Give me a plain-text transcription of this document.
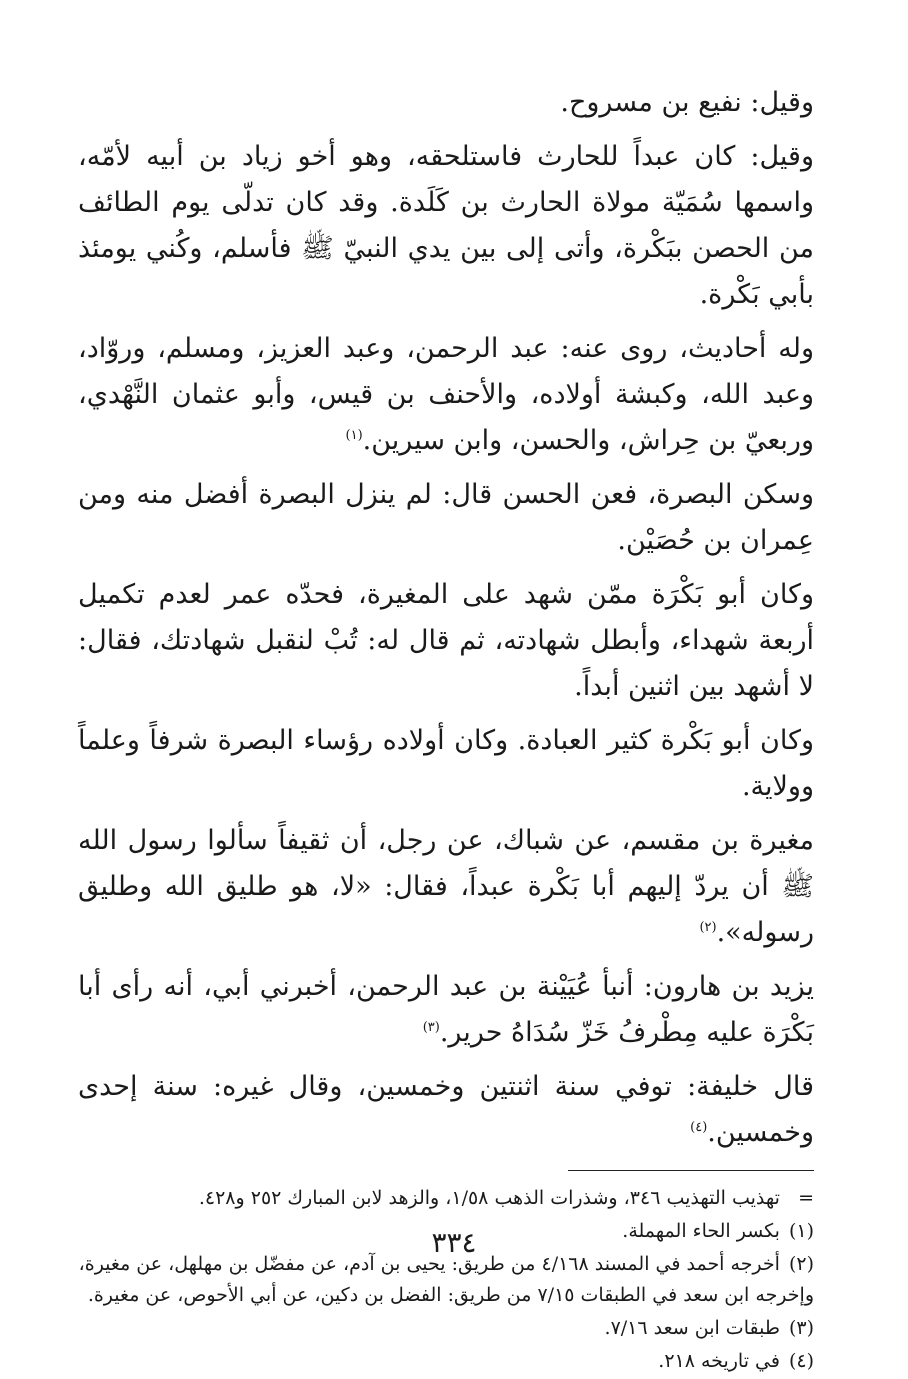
وقيل: نفيع بن مسروح.

وقيل: كان عبداً للحارث فاستلحقه، وهو أخو زياد بن أبيه لأمّه، واسمها سُمَيّة مولاة الحارث بن كَلَدة. وقد كان تدلّى يوم الطائف من الحصن ببَكْرة، وأتى إلى بين يدي النبيّ ﷺ فأسلم، وكُني يومئذ بأبي بَكْرة.

وله أحاديث، روى عنه: عبد الرحمن، وعبد العزيز، ومسلم، وروّاد، وعبد الله، وكبشة أولاده، والأحنف بن قيس، وأبو عثمان النَّهْدي، وربعيّ بن حِراش، والحسن، وابن سيرين.$^{(١)}$

وسكن البصرة، فعن الحسن قال: لم ينزل البصرة أفضل منه ومن عِمران بن حُصَيْن.

وكان أبو بَكْرَة ممّن شهد على المغيرة، فحدّه عمر لعدم تكميل أربعة شهداء، وأبطل شهادته، ثم قال له: تُبْ لنقبل شهادتك، فقال: لا أشهد بين اثنين أبداً.

وكان أبو بَكْرة كثير العبادة. وكان أولاده رؤساء البصرة شرفاً وعلماً وولاية.

مغيرة بن مقسم، عن شباك، عن رجل، أن ثقيفاً سألوا رسول الله ﷺ أن يردّ إليهم أبا بَكْرة عبداً، فقال: «لا، هو طليق الله وطليق رسوله».$^{(٢)}$

يزيد بن هارون: أنبأ عُيَيْنة بن عبد الرحمن، أخبرني أبي، أنه رأى أبا بَكْرَة عليه مِطْرفُ خَزّ سُدَاهُ حرير.$^{(٣)}$

قال خليفة: توفي سنة اثنتين وخمسين، وقال غيره: سنة إحدى وخمسين.$^{(٤)}$

= تهذيب التهذيب ٣٤٦، وشذرات الذهب ١/٥٨، والزهد لابن المبارك ٢٥٢ و٤٢٨.

(١) بكسر الحاء المهملة.

(٢) أخرجه أحمد في المسند ٤/١٦٨ من طريق: يحيى بن آدم، عن مفضّل بن مهلهل، عن مغيرة، وإخرجه ابن سعد في الطبقات ٧/١٥ من طريق: الفضل بن دكين، عن أبي الأحوص، عن مغيرة.

(٣) طبقات ابن سعد ٧/١٦.

(٤) في تاريخه ٢١٨.

٣٣٤
